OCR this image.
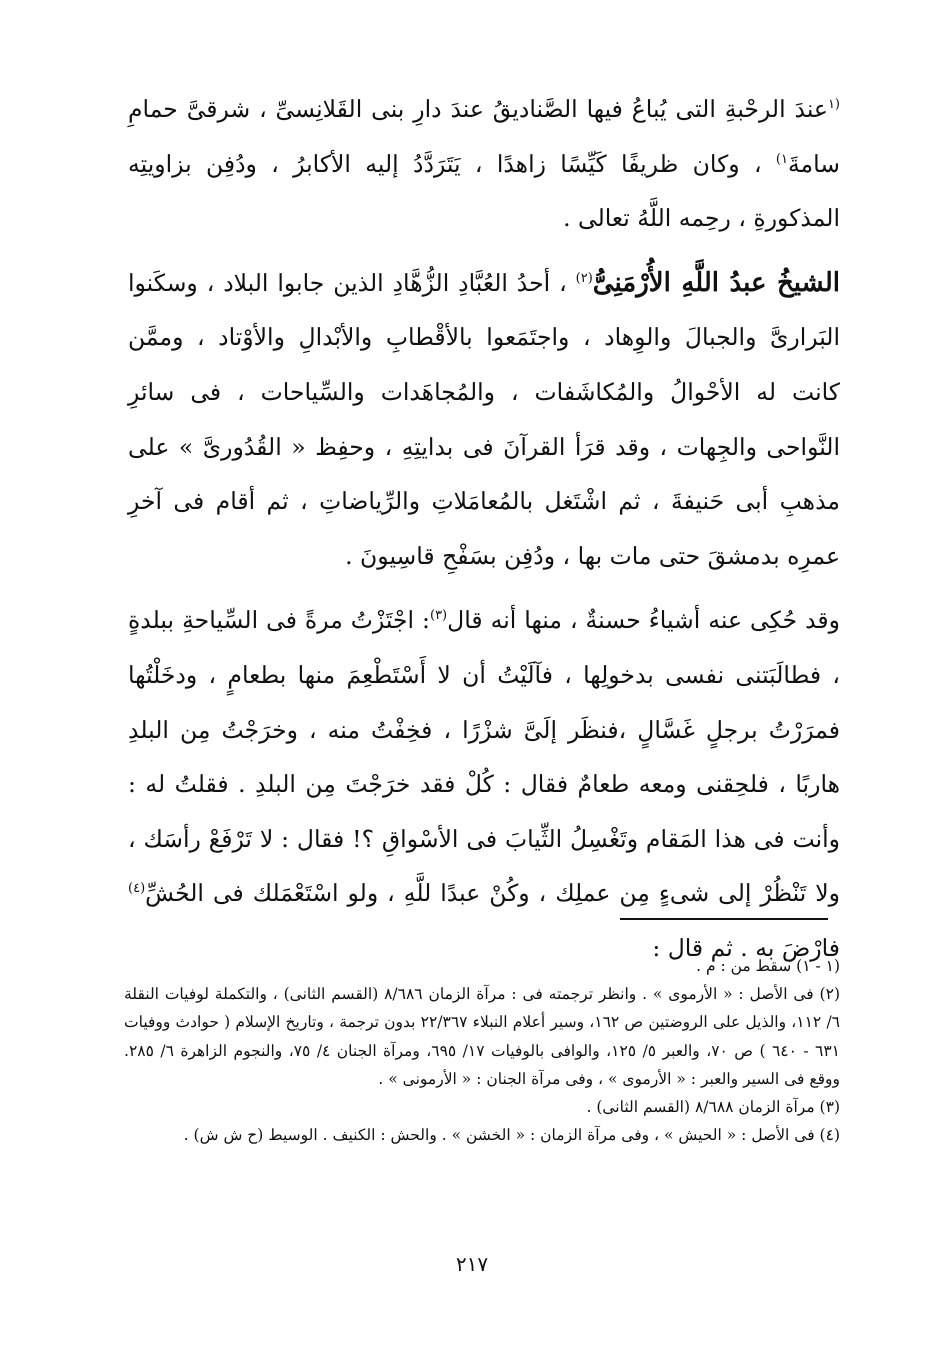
$^{(١}$عندَ الرحْبةِ التى يُباعُ فيها الصَّناديقُ عندَ دارِ بنى القَلانِسىِّ ، شرقىَّ حمامِ سامةَ$^{١)}$ ، وكان ظريفًا كَيِّسًا زاهدًا ، يَتَرَدَّدُ إليه الأكابرُ ، ودُفِن بزاويتِه المذكورةِ ، رحِمه اللَّهُ تعالى .

الشيخُ عبدُ اللَّهِ الأُرْمَنِىُّ$^{(٢)}$ ، أحدُ العُبَّادِ الزُّهَّادِ الذين جابوا البلاد ، وسكَنوا البَرارىَّ والجبالَ والوِهاد ، واجتَمَعوا بالأقْطابِ والأبْدالِ والأوْتاد ، وممَّن كانت له الأحْوالُ والمُكاشَفات ، والمُجاهَدات والسِّياحات ، فى سائرِ النَّواحى والجِهات ، وقد قرَأ القرآنَ فى بدايتِهِ ، وحفِظ « القُدُورىَّ » على مذهبِ أبى حَنيفةَ ، ثم اشْتَغل بالمُعامَلاتِ والرِّياضاتِ ، ثم أقام فى آخرِ عمرِه بدمشقَ حتى مات بها ، ودُفِن بسَفْحِ قاسِيونَ .

وقد حُكِى عنه أشياءُ حسنةٌ ، منها أنه قال$^{(٣)}$: اجْتَزْتُ مرةً فى السِّياحةِ ببلدةٍ ، فطالَبَتنى نفسى بدخولِها ، فآلَيْتُ أن لا أَسْتَطْعِمَ منها بطعامٍ ، ودخَلْتُها فمرَرْتُ برجلٍ غَسَّالٍ ،فنظَر إلَىَّ شزْرًا ، فخِفْتُ منه ، وخرَجْتُ مِن البلدِ هاربًا ، فلحِقنى ومعه طعامٌ فقال : كُلْ فقد خرَجْتَ مِن البلدِ . فقلتُ له : وأنت فى هذا المَقام وتَغْسِلُ الثِّيابَ فى الأسْواقِ ؟! فقال : لا تَرْفَعْ رأسَك ، ولا تَنْظُرْ إلى شىءٍ مِن عملِك ، وكُنْ عبدًا للَّهِ ، ولو اسْتَعْمَلك فى الحُشِّ$^{(٤)}$ فارْضَ به . ثم قال :

(١ - ١) سقط من : م .

(٢) فى الأصل : « الأرموى » . وانظر ترجمته فى : مرآة الزمان ٨/٦٨٦ (القسم الثانى) ، والتكملة لوفيات النقلة ٦/ ١١٢، والذيل على الروضتين ص ١٦٢، وسير أعلام النبلاء ٢٢/٣٦٧ بدون ترجمة ، وتاريخ الإسلام ( حوادث ووفيات ٦٣١ - ٦٤٠ ) ص ٧٠، والعبر ٥/ ١٢٥، والوافى بالوفيات ١٧/ ٦٩٥، ومرآة الجنان ٤/ ٧٥، والنجوم الزاهرة ٦/ ٢٨٥. ووقع فى السير والعبر : « الأرموى » ، وفى مرآة الجنان : « الأرمونى » .

(٣) مرآة الزمان ٨/٦٨٨ (القسم الثانى) .

(٤) فى الأصل : « الحيش » ، وفى مرآة الزمان : « الخشن » . والحش : الكنيف . الوسيط (ح ش ش) .

٢١٧
